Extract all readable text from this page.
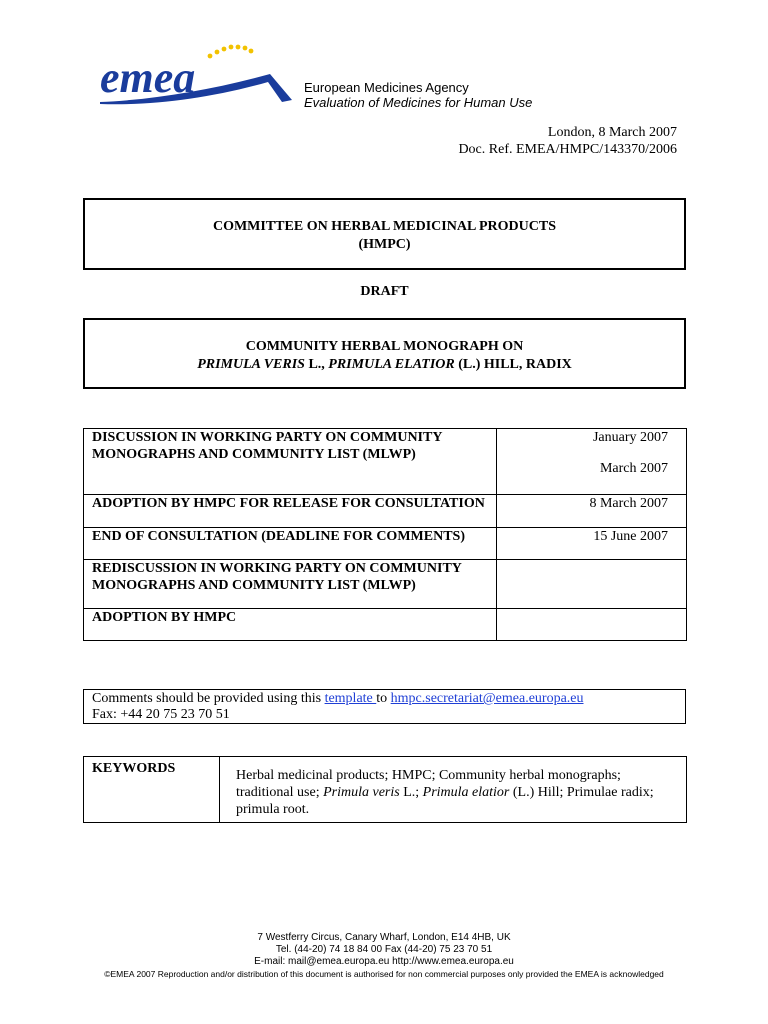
emea	European Medicines Agency
Evaluation of Medicines for Human Use
London, 8 March 2007
Doc. Ref. EMEA/HMPC/143370/2006
COMMITTEE ON HERBAL MEDICINAL PRODUCTS
(HMPC)
DRAFT
COMMUNITY HERBAL MONOGRAPH ON
PRIMULA VERIS L., PRIMULA ELATIOR (L.) HILL, RADIX
DISCUSSION IN WORKING PARTY ON COMMUNITY MONOGRAPHS AND COMMUNITY LIST (MLWP)	January 2007
March 2007
ADOPTION BY HMPC FOR RELEASE FOR CONSULTATION	8 March 2007
END OF CONSULTATION (DEADLINE FOR COMMENTS)	15 June 2007
REDISCUSSION IN WORKING PARTY ON COMMUNITY MONOGRAPHS AND COMMUNITY LIST (MLWP)	
ADOPTION BY HMPC	
Comments should be provided using this template to hmpc.secretariat@emea.europa.eu
Fax: +44 20 75 23 70 51
KEYWORDS	Herbal medicinal products; HMPC; Community herbal monographs; traditional use; Primula veris L.; Primula elatior (L.) Hill; Primulae radix; primula root.
7 Westferry Circus, Canary Wharf, London, E14 4HB, UK
Tel. (44-20) 74 18 84 00 Fax (44-20) 75 23 70 51
E-mail: mail@emea.europa.eu http://www.emea.europa.eu
©EMEA 2007 Reproduction and/or distribution of this document is authorised for non commercial purposes only provided the EMEA is acknowledged
